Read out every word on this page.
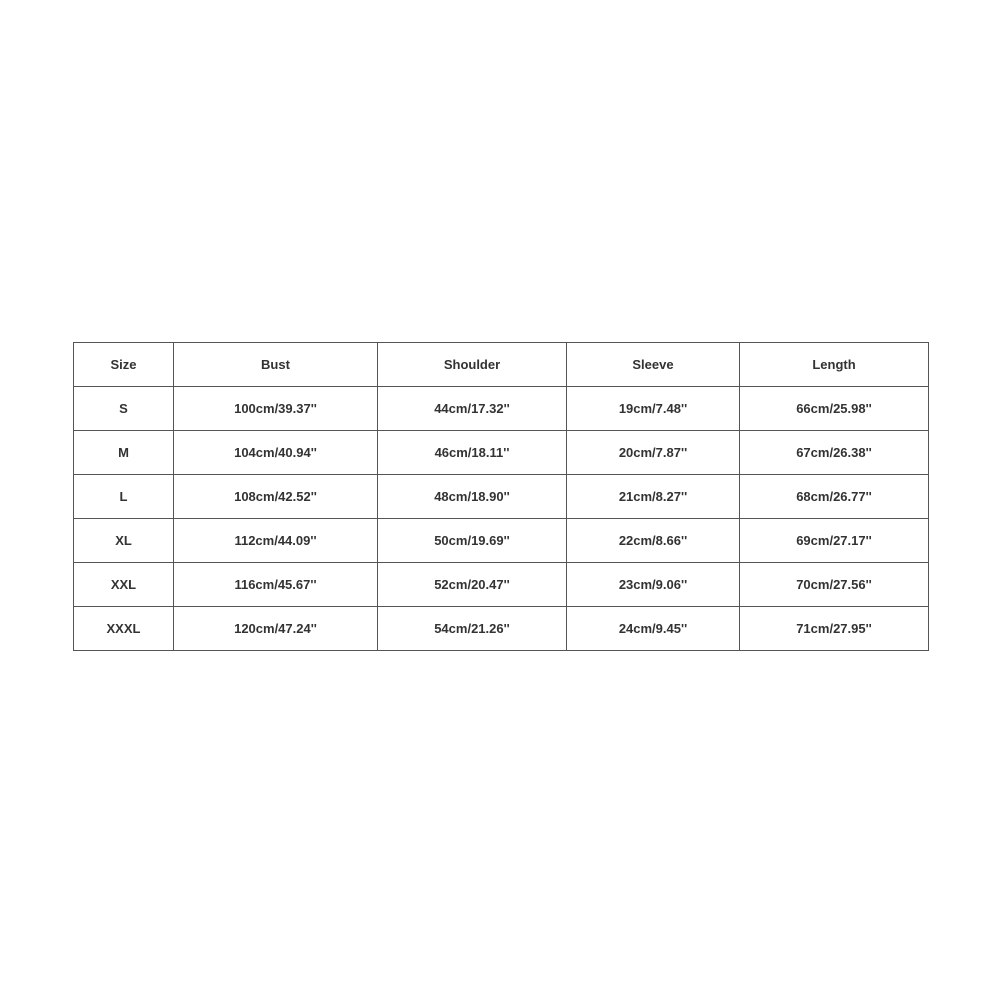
Size	Bust	Shoulder	Sleeve	Length
S	100cm/39.37''	44cm/17.32''	19cm/7.48''	66cm/25.98''
M	104cm/40.94''	46cm/18.11''	20cm/7.87''	67cm/26.38''
L	108cm/42.52''	48cm/18.90''	21cm/8.27''	68cm/26.77''
XL	112cm/44.09''	50cm/19.69''	22cm/8.66''	69cm/27.17''
XXL	116cm/45.67''	52cm/20.47''	23cm/9.06''	70cm/27.56''
XXXL	120cm/47.24''	54cm/21.26''	24cm/9.45''	71cm/27.95''
